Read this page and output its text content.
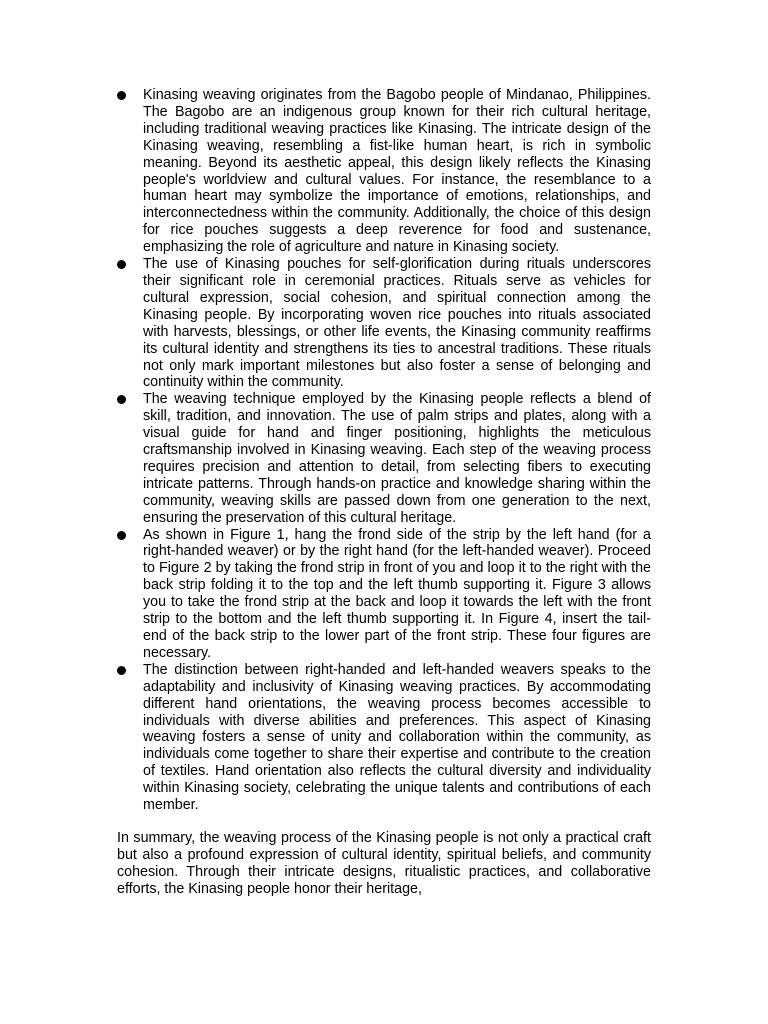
Kinasing weaving originates from the Bagobo people of Mindanao, Philippines. The Bagobo are an indigenous group known for their rich cultural heritage, including traditional weaving practices like Kinasing. The intricate design of the Kinasing weaving, resembling a fist-like human heart, is rich in symbolic meaning. Beyond its aesthetic appeal, this design likely reflects the Kinasing people's worldview and cultural values. For instance, the resemblance to a human heart may symbolize the importance of emotions, relationships, and interconnectedness within the community. Additionally, the choice of this design for rice pouches suggests a deep reverence for food and sustenance, emphasizing the role of agriculture and nature in Kinasing society.
The use of Kinasing pouches for self-glorification during rituals underscores their significant role in ceremonial practices. Rituals serve as vehicles for cultural expression, social cohesion, and spiritual connection among the Kinasing people. By incorporating woven rice pouches into rituals associated with harvests, blessings, or other life events, the Kinasing community reaffirms its cultural identity and strengthens its ties to ancestral traditions. These rituals not only mark important milestones but also foster a sense of belonging and continuity within the community.
The weaving technique employed by the Kinasing people reflects a blend of skill, tradition, and innovation. The use of palm strips and plates, along with a visual guide for hand and finger positioning, highlights the meticulous craftsmanship involved in Kinasing weaving. Each step of the weaving process requires precision and attention to detail, from selecting fibers to executing intricate patterns. Through hands-on practice and knowledge sharing within the community, weaving skills are passed down from one generation to the next, ensuring the preservation of this cultural heritage.
As shown in Figure 1, hang the frond side of the strip by the left hand (for a right-handed weaver) or by the right hand (for the left-handed weaver). Proceed to Figure 2 by taking the frond strip in front of you and loop it to the right with the back strip folding it to the top and the left thumb supporting it. Figure 3 allows you to take the frond strip at the back and loop it towards the left with the front strip to the bottom and the left thumb supporting it. In Figure 4, insert the tail-end of the back strip to the lower part of the front strip. These four figures are necessary.
The distinction between right-handed and left-handed weavers speaks to the adaptability and inclusivity of Kinasing weaving practices. By accommodating different hand orientations, the weaving process becomes accessible to individuals with diverse abilities and preferences. This aspect of Kinasing weaving fosters a sense of unity and collaboration within the community, as individuals come together to share their expertise and contribute to the creation of textiles. Hand orientation also reflects the cultural diversity and individuality within Kinasing society, celebrating the unique talents and contributions of each member.

In summary, the weaving process of the Kinasing people is not only a practical craft but also a profound expression of cultural identity, spiritual beliefs, and community cohesion. Through their intricate designs, ritualistic practices, and collaborative efforts, the Kinasing people honor their heritage,
